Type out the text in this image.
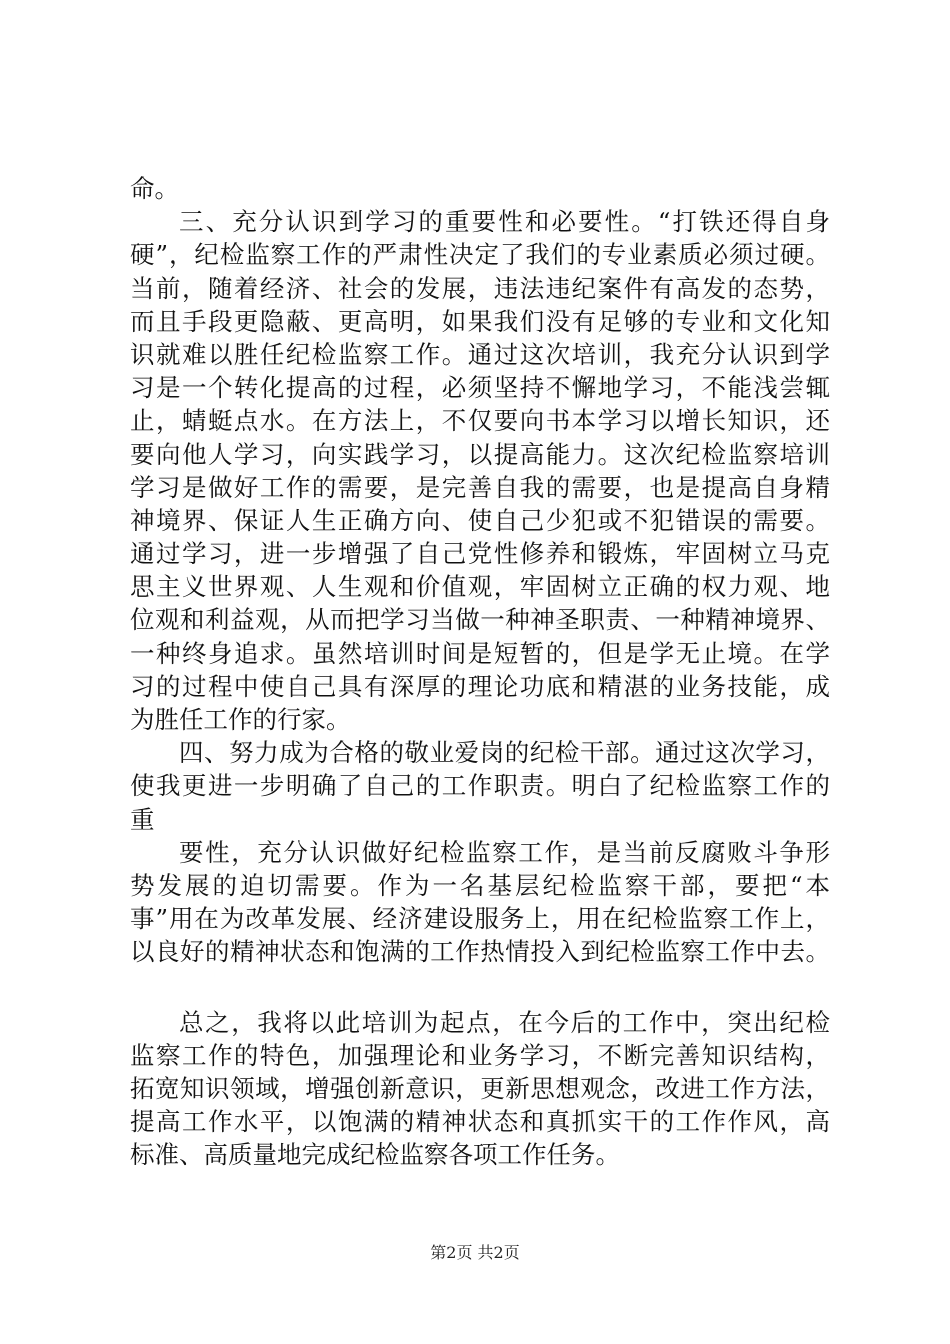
命。
三、充分认识到学习的重要性和必要性。“打铁还得自身
硬”，纪检监察工作的严肃性决定了我们的专业素质必须过硬。
当前，随着经济、社会的发展，违法违纪案件有高发的态势，
而且手段更隐蔽、更高明，如果我们没有足够的专业和文化知
识就难以胜任纪检监察工作。通过这次培训，我充分认识到学
习是一个转化提高的过程，必须坚持不懈地学习，不能浅尝辄
止，蜻蜓点水。在方法上，不仅要向书本学习以增长知识，还
要向他人学习，向实践学习，以提高能力。这次纪检监察培训
学习是做好工作的需要，是完善自我的需要，也是提高自身精
神境界、保证人生正确方向、使自己少犯或不犯错误的需要。
通过学习，进一步增强了自己党性修养和锻炼，牢固树立马克
思主义世界观、人生观和价值观，牢固树立正确的权力观、地
位观和利益观，从而把学习当做一种神圣职责、一种精神境界、
一种终身追求。虽然培训时间是短暂的，但是学无止境。在学
习的过程中使自己具有深厚的理论功底和精湛的业务技能，成
为胜任工作的行家。
四、努力成为合格的敬业爱岗的纪检干部。通过这次学习，
使我更进一步明确了自己的工作职责。明白了纪检监察工作的
重
要性，充分认识做好纪检监察工作，是当前反腐败斗争形
势发展的迫切需要。作为一名基层纪检监察干部，要把“本
事”用在为改革发展、经济建设服务上，用在纪检监察工作上，
以良好的精神状态和饱满的工作热情投入到纪检监察工作中去。
总之，我将以此培训为起点，在今后的工作中，突出纪检
监察工作的特色，加强理论和业务学习，不断完善知识结构，
拓宽知识领域，增强创新意识，更新思想观念，改进工作方法，
提高工作水平，以饱满的精神状态和真抓实干的工作作风，高
标准、高质量地完成纪检监察各项工作任务。
第2页 共2页
